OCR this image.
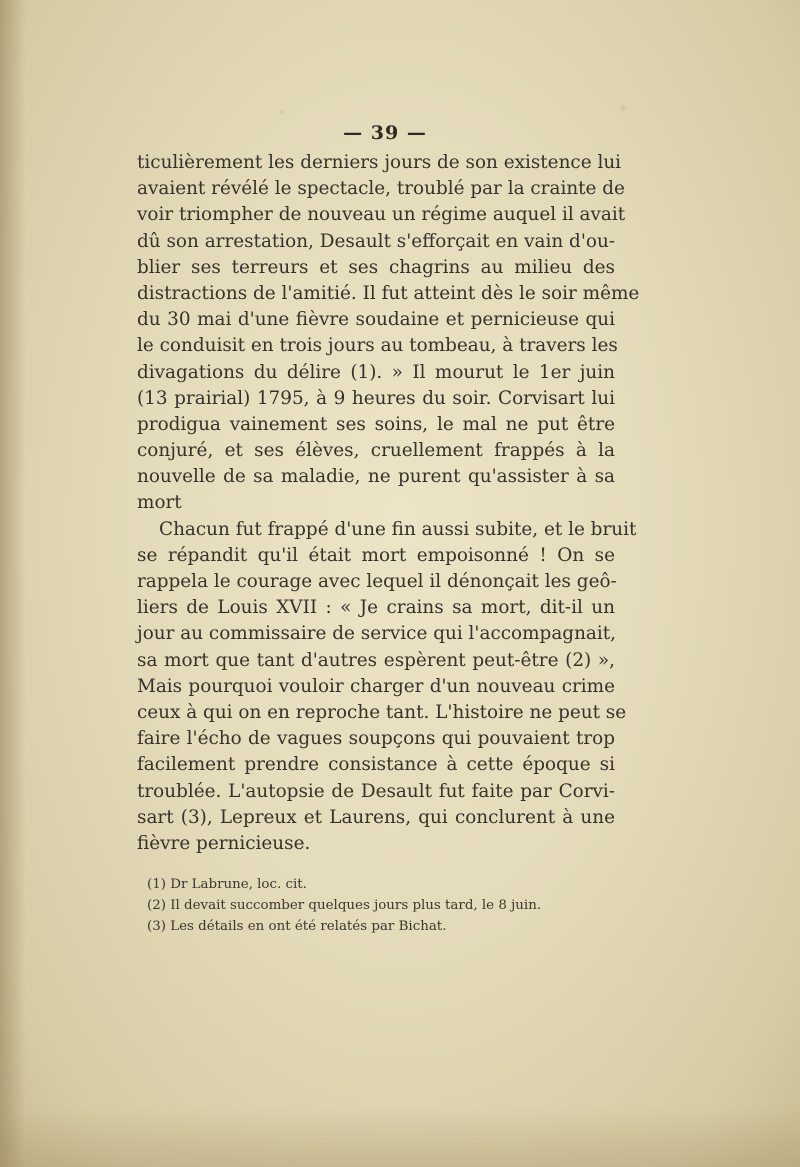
— 39 —
ticulièrement les derniers jours de son existence lui
avaient révélé le spectacle, troublé par la crainte de
voir triompher de nouveau un régime auquel il avait
dû son arrestation, Desault s'efforçait en vain d'ou-
blier ses terreurs et ses chagrins au milieu des
distractions de l'amitié. Il fut atteint dès le soir même
du 30 mai d'une fièvre soudaine et pernicieuse qui
le conduisit en trois jours au tombeau, à travers les
divagations du délire (1). » Il mourut le 1er juin
(13 prairial) 1795, à 9 heures du soir. Corvisart lui
prodigua vainement ses soins, le mal ne put être
conjuré, et ses élèves, cruellement frappés à la
nouvelle de sa maladie, ne purent qu'assister à sa
mort
Chacun fut frappé d'une fin aussi subite, et le bruit
se répandit qu'il était mort empoisonné ! On se
rappela le courage avec lequel il dénonçait les geô-
liers de Louis XVII : « Je crains sa mort, dit-il un
jour au commissaire de service qui l'accompagnait,
sa mort que tant d'autres espèrent peut-être (2) »,
Mais pourquoi vouloir charger d'un nouveau crime
ceux à qui on en reproche tant. L'histoire ne peut se
faire l'écho de vagues soupçons qui pouvaient trop
facilement prendre consistance à cette époque si
troublée. L'autopsie de Desault fut faite par Corvi-
sart (3), Lepreux et Laurens, qui conclurent à une
fièvre pernicieuse.
(1) Dr Labrune, loc. cit.
(2) Il devait succomber quelques jours plus tard, le 8 juin.
(3) Les détails en ont été relatés par Bichat.
